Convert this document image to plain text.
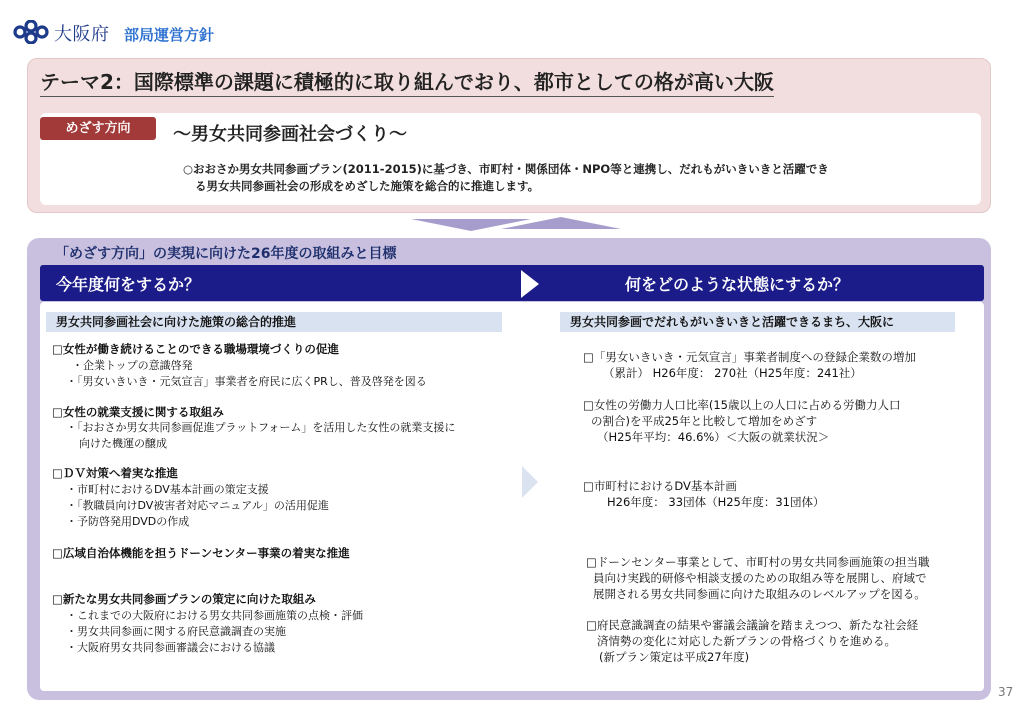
大阪府 部局運営方針
テーマ2：国際標準の課題に積極的に取り組んでおり、都市としての格が高い大阪
めざす方向	～男女共同参画社会づくり～
○おおさか男女共同参画プラン(2011-2015)に基づき、市町村・関係団体・NPO等と連携し、だれもがいきいきと活躍でき
る男女共同参画社会の形成をめざした施策を総合的に推進します。
「めざす方向」の実現に向けた26年度の取組みと目標
今年度何をするか？	何をどのような状態にするか？
男女共同参画社会に向けた施策の総合的推進	男女共同参画でだれもがいきいきと活躍できるまち、大阪に
□女性が働き続けることのできる職場環境づくりの促進
・企業トップの意識啓発
・「男女いきいき・元気宣言」事業者を府民に広くPRし、普及啓発を図る
□女性の就業支援に関する取組み
・「おおさか男女共同参画促進プラットフォーム」を活用した女性の就業支援に
向けた機運の醸成
□ＤＶ対策へ着実な推進
・市町村におけるDV基本計画の策定支援
・「教職員向けDV被害者対応マニュアル」の活用促進
・予防啓発用DVDの作成
□広域自治体機能を担うドーンセンター事業の着実な推進
□新たな男女共同参画プランの策定に向けた取組み
・これまでの大阪府における男女共同参画施策の点検・評価
・男女共同参画に関する府民意識調査の実施
・大阪府男女共同参画審議会における協議
□「男女いきいき・元気宣言」事業者制度への登録企業数の増加
（累計） H26年度： 270社（H25年度：241社）
□女性の労働力人口比率(15歳以上の人口に占める労働力人口
の割合)を平成25年と比較して増加をめざす
（H25年平均：46.6%）＜大阪の就業状況＞
□市町村におけるDV基本計画
H26年度： 33団体（H25年度：31団体）
□ドーンセンター事業として、市町村の男女共同参画施策の担当職
員向け実践的研修や相談支援のための取組み等を展開し、府域で
展開される男女共同参画に向けた取組みのレベルアップを図る。
□府民意識調査の結果や審議会議論を踏まえつつ、新たな社会経
済情勢の変化に対応した新プランの骨格づくりを進める。
(新プラン策定は平成27年度)
37
